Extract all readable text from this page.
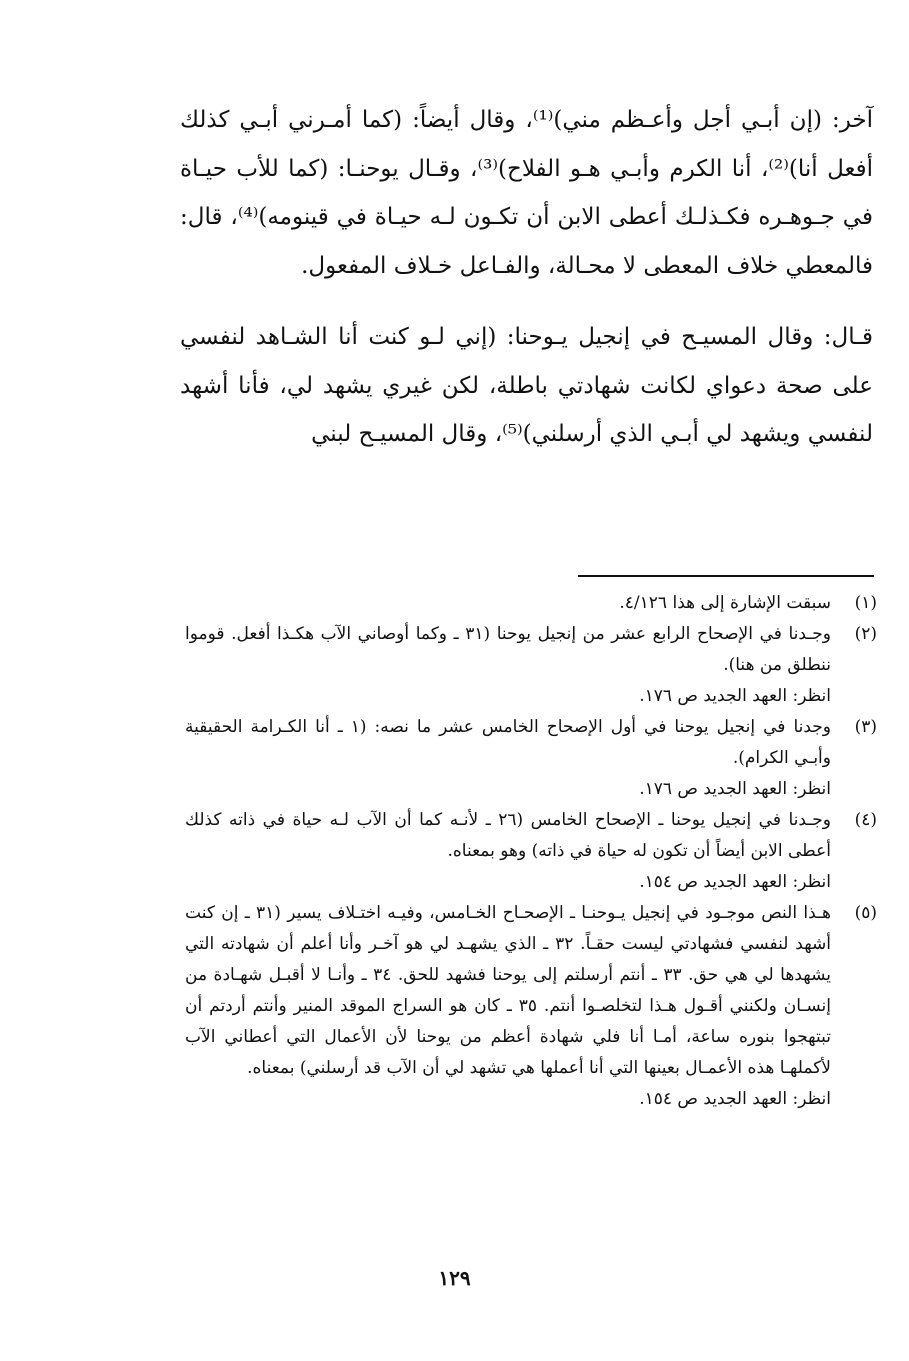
آخر: (إن أبـي أجل وأعـظم مني)⁽¹⁾، وقال أيضاً: (كما أمـرني أبـي كذلك أفعل أنا)⁽²⁾، أنا الكرم وأبـي هـو الفلاح)⁽³⁾، وقـال يوحنـا: (كما للأب حيـاة في جـوهـره فكـذلـك أعطى الابن أن تكـون لـه حيـاة في قينومه)⁽⁴⁾، قال: فالمعطي خلاف المعطى لا محـالة، والفـاعل خـلاف المفعول.

قـال: وقال المسيـح في إنجيل يـوحنا: (إني لـو كنت أنا الشـاهد لنفسي على صحة دعواي لكانت شهادتي باطلة، لكن غيري يشهد لي، فأنا أشهد لنفسي ويشهد لي أبـي الذي أرسلني)⁽⁵⁾، وقال المسيـح لبني

(١)

سبقت الإشارة إلى هذا ٤/١٢٦.

(٢)

وجـدنا في الإصحاح الرابع عشر من إنجيل يوحنا (٣١ ـ وكما أوصاني الآب هكـذا أفعل. قوموا ننطلق من هنا).

انظر: العهد الجديد ص ١٧٦.

(٣)

وجدنا في إنجيل يوحنا في أول الإصحاح الخامس عشر ما نصه: (١ ـ أنا الكـرامة الحقيقية وأبـي الكرام).

انظر: العهد الجديد ص ١٧٦.

(٤)

وجـدنا في إنجيل يوحنا ـ الإصحاح الخامس (٢٦ ـ لأنـه كما أن الآب لـه حياة في ذاته كذلك أعطى الابن أيضاً أن تكون له حياة في ذاته) وهو بمعناه.

انظر: العهد الجديد ص ١٥٤.

(٥)

هـذا النص موجـود في إنجيل يـوحنـا ـ الإصحـاح الخـامس، وفيـه اختـلاف يسير (٣١ ـ إن كنت أشهد لنفسي فشهادتي ليست حقـاً. ٣٢ ـ الذي يشهـد لي هو آخـر وأنا أعلم أن شهادته التي يشهدها لي هي حق. ٣٣ ـ أنتم أرسلتم إلى يوحنا فشهد للحق. ٣٤ ـ وأنـا لا أقبـل شهـادة من إنسـان ولكنني أقـول هـذا لتخلصـوا أنتم. ٣٥ ـ كان هو السراج الموقد المنير وأنتم أردتم أن تبتهجوا بنوره ساعة، أمـا أنا فلي شهادة أعظم من يوحنا لأن الأعمال التي أعطاني الآب لأكملهـا هذه الأعمـال بعينها التي أنا أعملها هي تشهد لي أن الآب قد أرسلني) بمعناه.

انظر: العهد الجديد ص ١٥٤.

١٢٩
